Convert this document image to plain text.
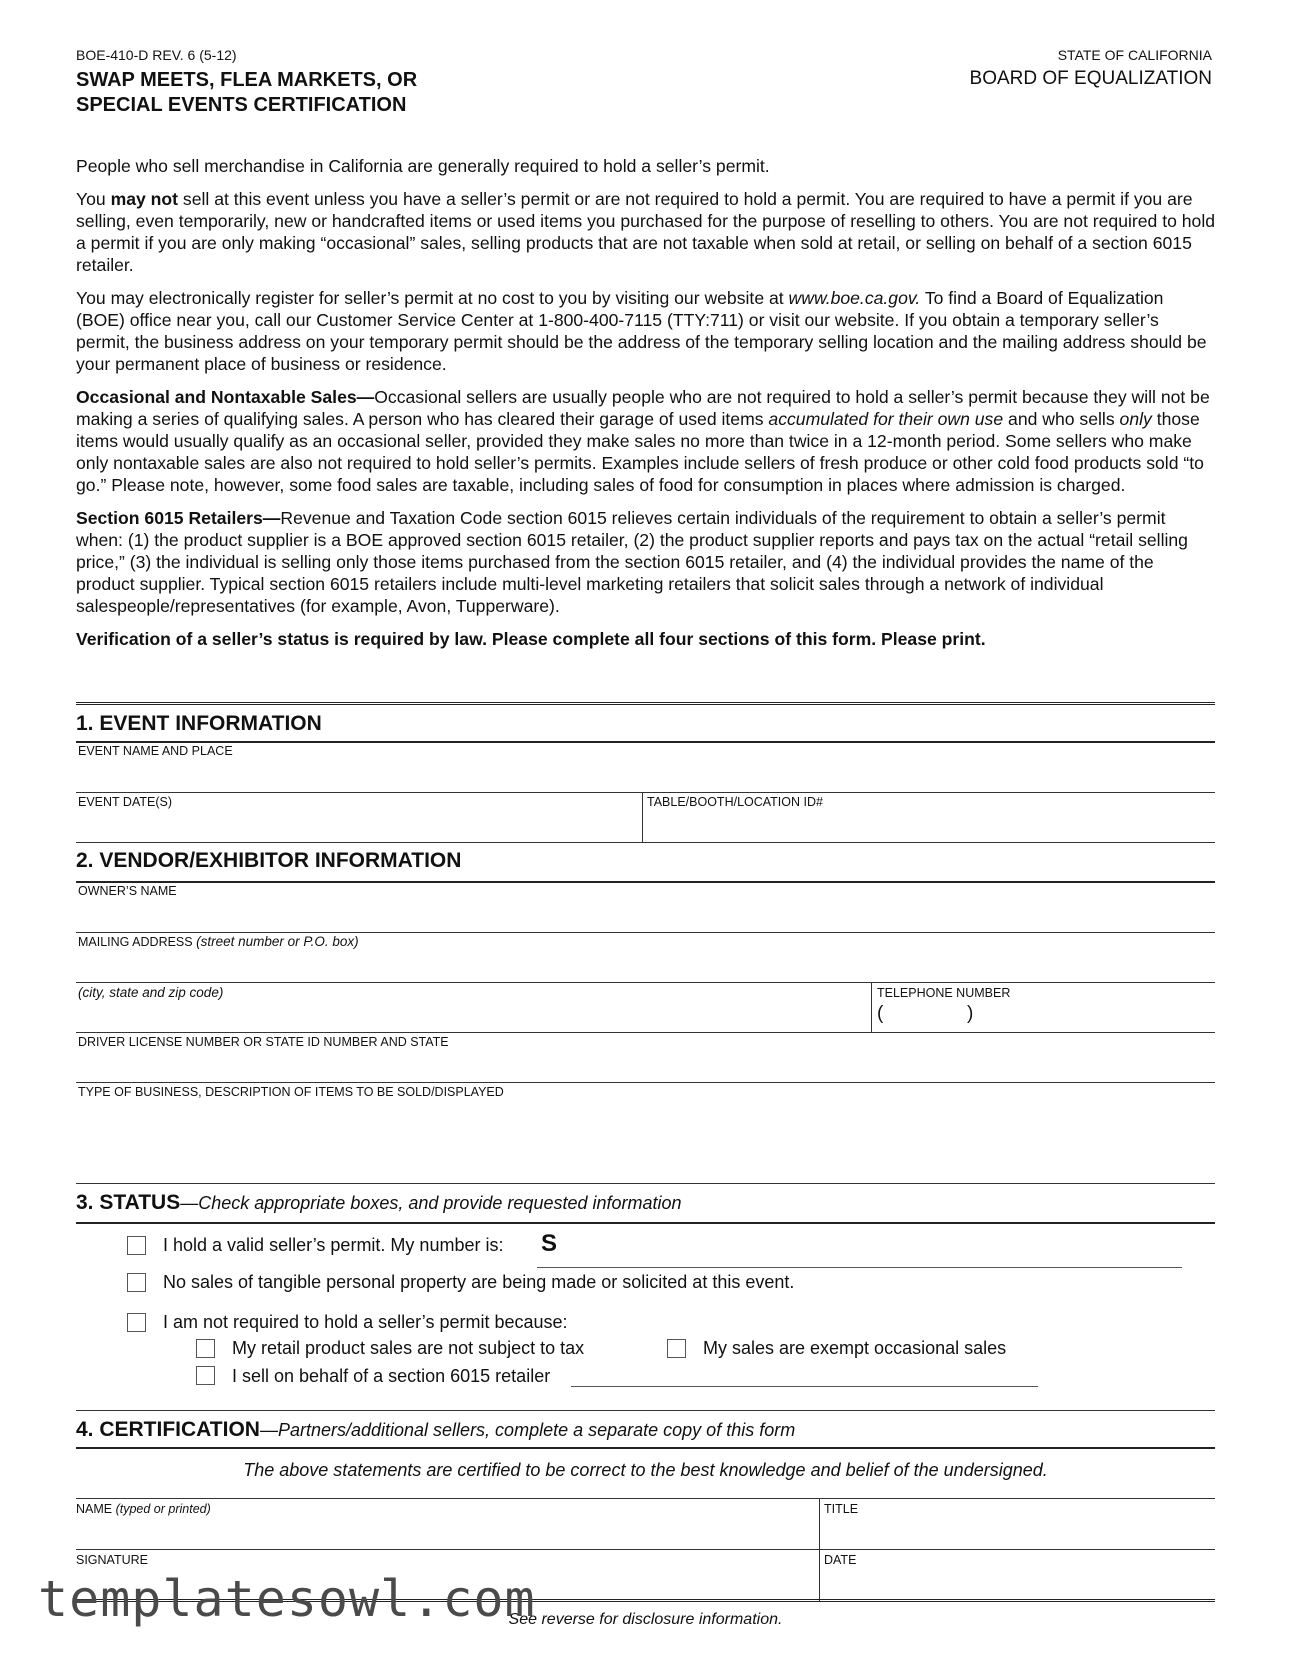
BOE-410-D REV. 6 (5-12)
SWAP MEETS, FLEA MARKETS, OR
SPECIAL EVENTS CERTIFICATION
STATE OF CALIFORNIA
BOARD OF EQUALIZATION

People who sell merchandise in California are generally required to hold a seller’s permit.

You may not sell at this event unless you have a seller’s permit or are not required to hold a permit. You are required to have a permit if you are selling, even temporarily, new or handcrafted items or used items you purchased for the purpose of reselling to others. You are not required to hold a permit if you are only making “occasional” sales, selling products that are not taxable when sold at retail, or selling on behalf of a section 6015 retailer.

You may electronically register for seller’s permit at no cost to you by visiting our website at www.boe.ca.gov. To find a Board of Equalization (BOE) office near you, call our Customer Service Center at 1-800-400-7115 (TTY:711) or visit our website. If you obtain a temporary seller’s permit, the business address on your temporary permit should be the address of the temporary selling location and the mailing address should be your permanent place of business or residence.

Occasional and Nontaxable Sales—Occasional sellers are usually people who are not required to hold a seller’s permit because they will not be making a series of qualifying sales. A person who has cleared their garage of used items accumulated for their own use and who sells only those items would usually qualify as an occasional seller, provided they make sales no more than twice in a 12-month period. Some sellers who make only nontaxable sales are also not required to hold seller’s permits. Examples include sellers of fresh produce or other cold food products sold “to go.” Please note, however, some food sales are taxable, including sales of food for consumption in places where admission is charged.

Section 6015 Retailers—Revenue and Taxation Code section 6015 relieves certain individuals of the requirement to obtain a seller’s permit when: (1) the product supplier is a BOE approved section 6015 retailer, (2) the product supplier reports and pays tax on the actual “retail selling price,” (3) the individual is selling only those items purchased from the section 6015 retailer, and (4) the individual provides the name of the product supplier. Typical section 6015 retailers include multi-level marketing retailers that solicit sales through a network of individual salespeople/representatives (for example, Avon, Tupperware).

Verification of a seller’s status is required by law. Please complete all four sections of this form. Please print.

1. EVENT INFORMATION
EVENT NAME AND PLACE
EVENT DATE(S)	TABLE/BOOTH/LOCATION ID#
2. VENDOR/EXHIBITOR INFORMATION
OWNER’S NAME
MAILING ADDRESS (street number or P.O. box)
(city, state and zip code)	TELEPHONE NUMBER
(	)
DRIVER LICENSE NUMBER OR STATE ID NUMBER AND STATE
TYPE OF BUSINESS, DESCRIPTION OF ITEMS TO BE SOLD/DISPLAYED
3. STATUS—Check appropriate boxes, and provide requested information
I hold a valid seller’s permit. My number is: S
No sales of tangible personal property are being made or solicited at this event.
I am not required to hold a seller’s permit because:
My retail product sales are not subject to tax	My sales are exempt occasional sales
I sell on behalf of a section 6015 retailer
4. CERTIFICATION—Partners/additional sellers, complete a separate copy of this form
The above statements are certified to be correct to the best knowledge and belief of the undersigned.
NAME (typed or printed)	TITLE
SIGNATURE	DATE
See reverse for disclosure information.
templatesowl.com
